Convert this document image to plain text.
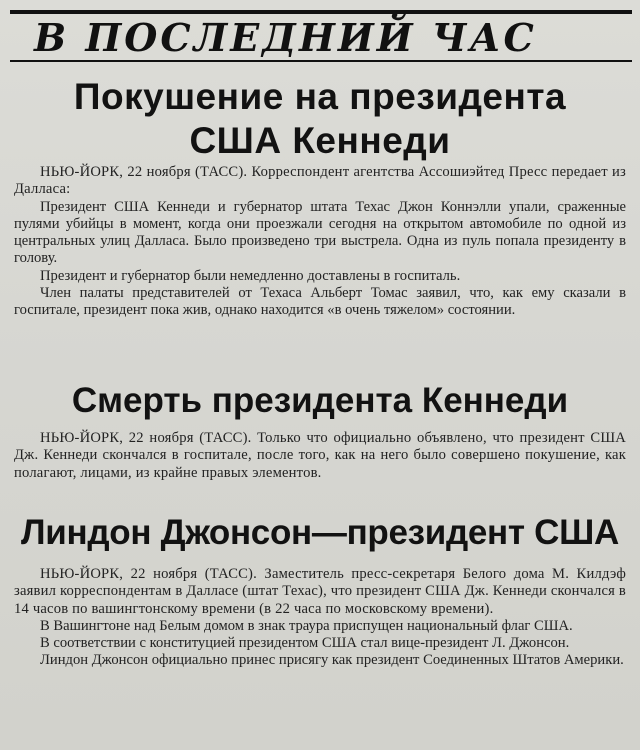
В ПОСЛЕДНИЙ ЧАС
Покушение на президента
США Кеннеди

НЬЮ-ЙОРК, 22 ноября (ТАСС). Корреспондент агентства Ассошиэйтед Пресс передает из Далласа:

Президент США Кеннеди и губернатор штата Техас Джон Коннэлли упали, сраженные пулями убийцы в момент, когда они проезжали сегодня на открытом автомобиле по одной из центральных улиц Далласа. Было произведено три выстрела. Одна из пуль попала президенту в голову.

Президент и губернатор были немедленно доставлены в госпиталь.

Член палаты представителей от Техаса Альберт Томас заявил, что, как ему сказали в госпитале, президент пока жив, однако находится «в очень тяжелом» состоянии.

Смерть президента Кеннеди

НЬЮ-ЙОРК, 22 ноября (ТАСС). Только что официально объявлено, что президент США Дж. Кеннеди скончался в госпитале, после того, как на него было совершено покушение, как полагают, лицами, из крайне правых элементов.

Линдон Джонсон—президент США

НЬЮ-ЙОРК, 22 ноября (ТАСС). Заместитель пресс-секретаря Белого дома М. Килдэф заявил корреспондентам в Далласе (штат Техас), что президент США Дж. Кеннеди скончался в 14 часов по вашингтонскому времени (в 22 часа по московскому времени).

В Вашингтоне над Белым домом в знак траура приспущен национальный флаг США.

В соответствии с конституцией президентом США стал вице-президент Л. Джонсон.

Линдон Джонсон официально принес присягу как президент Соединенных Штатов Америки.
